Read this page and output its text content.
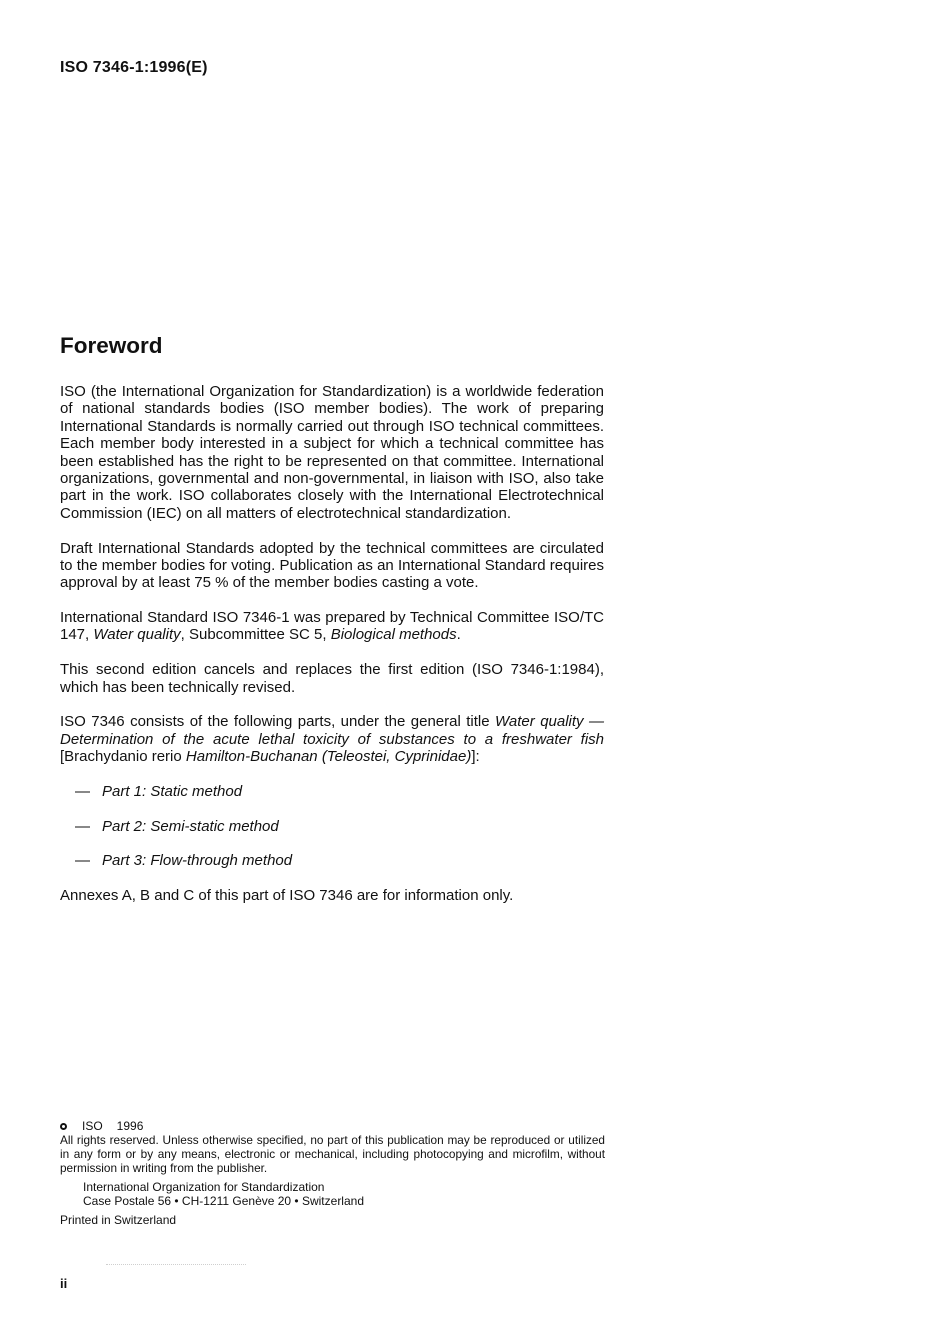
ISO 7346-1:1996(E)
Foreword

ISO (the International Organization for Standardization) is a worldwide federation of national standards bodies (ISO member bodies). The work of preparing International Standards is normally carried out through ISO technical committees. Each member body interested in a subject for which a technical committee has been established has the right to be represented on that committee. International organizations, governmental and non-governmental, in liaison with ISO, also take part in the work. ISO collaborates closely with the International Electrotechnical Commission (IEC) on all matters of electrotechnical standardization.

Draft International Standards adopted by the technical committees are circulated to the member bodies for voting. Publication as an International Standard requires approval by at least 75 % of the member bodies casting a vote.

International Standard ISO 7346-1 was prepared by Technical Committee ISO/TC 147, Water quality, Subcommittee SC 5, Biological methods.

This second edition cancels and replaces the first edition (ISO 7346-1:1984), which has been technically revised.

ISO 7346 consists of the following parts, under the general title Water quality — Determination of the acute lethal toxicity of substances to a freshwater fish [Brachydanio rerio Hamilton-Buchanan (Teleostei, Cyprinidae)]:

— Part 1: Static method
— Part 2: Semi-static method
— Part 3: Flow-through method

Annexes A, B and C of this part of ISO 7346 are for information only.

ISO 1996
All rights reserved. Unless otherwise specified, no part of this publication may be reproduced or utilized in any form or by any means, electronic or mechanical, including photocopying and microfilm, without permission in writing from the publisher.
International Organization for Standardization
Case Postale 56 • CH-1211 Genève 20 • Switzerland
Printed in Switzerland
ii
